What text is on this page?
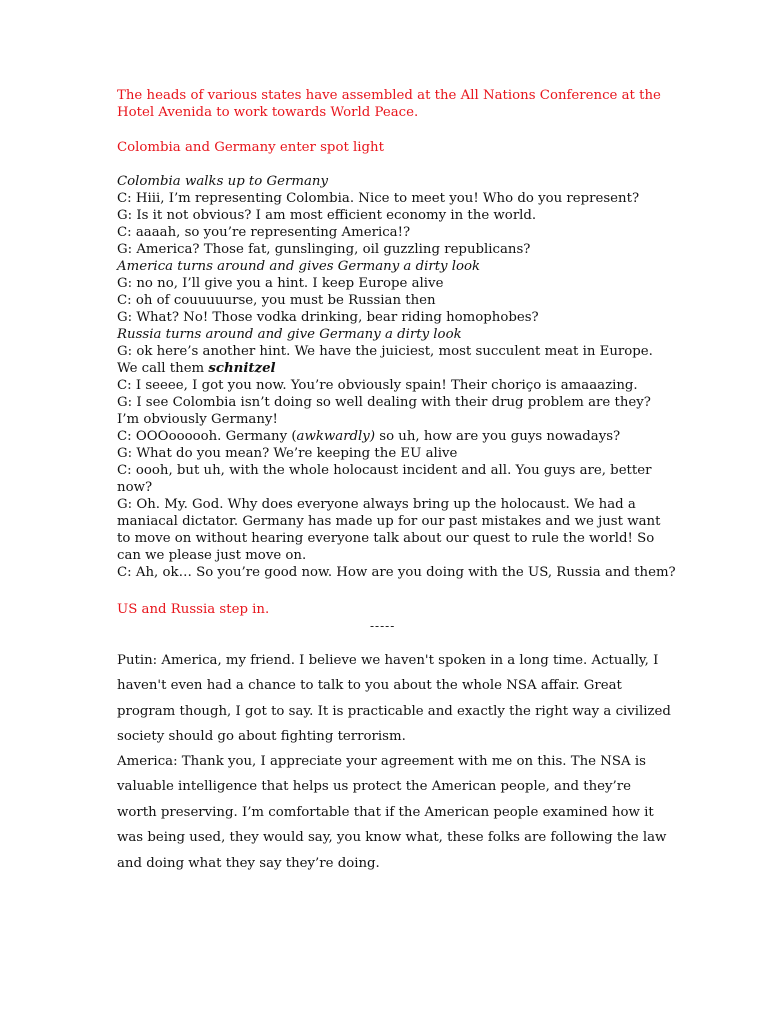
The heads of various states have assembled at the All Nations Conference at the
Hotel Avenida to work towards World Peace.
Colombia and Germany enter spot light
Colombia walks up to Germany
C: Hiii, I’m representing Colombia. Nice to meet you! Who do you represent?
G: Is it not obvious? I am most efficient economy in the world.
C: aaaah, so you’re representing America!?
G: America? Those fat, gunslinging, oil guzzling republicans?
America turns around and gives Germany a dirty look
G: no no, I’ll give you a hint. I keep Europe alive
C: oh of couuuuurse, you must be Russian then
G: What? No! Those vodka drinking, bear riding homophobes?
Russia turns around and give Germany a dirty look
G: ok here’s another hint. We have the juiciest, most succulent meat in Europe.
We call them schnitzel
C: I seeee, I got you now. You’re obviously spain! Their choriço is amaaazing.
G: I see Colombia isn’t doing so well dealing with their drug problem are they?
I’m obviously Germany!
C: OOOoooooh. Germany (awkwardly) so uh, how are you guys nowadays?
G: What do you mean? We’re keeping the EU alive
C: oooh, but uh, with the whole holocaust incident and all. You guys are, better
now?
G: Oh. My. God. Why does everyone always bring up the holocaust. We had a
maniacal dictator. Germany has made up for our past mistakes and we just want
to move on without hearing everyone talk about our quest to rule the world! So
can we please just move on.
C: Ah, ok… So you’re good now. How are you doing with the US, Russia and them?
US and Russia step in.
-----
Putin: America, my friend. I believe we haven't spoken in a long time. Actually, I
haven't even had a chance to talk to you about the whole NSA affair. Great
program though, I got to say. It is practicable and exactly the right way a civilized
society should go about fighting terrorism.
America: Thank you, I appreciate your agreement with me on this. The NSA is
valuable intelligence that helps us protect the American people, and they’re
worth preserving. I’m comfortable that if the American people examined how it
was being used, they would say, you know what, these folks are following the law
and doing what they say they’re doing.
